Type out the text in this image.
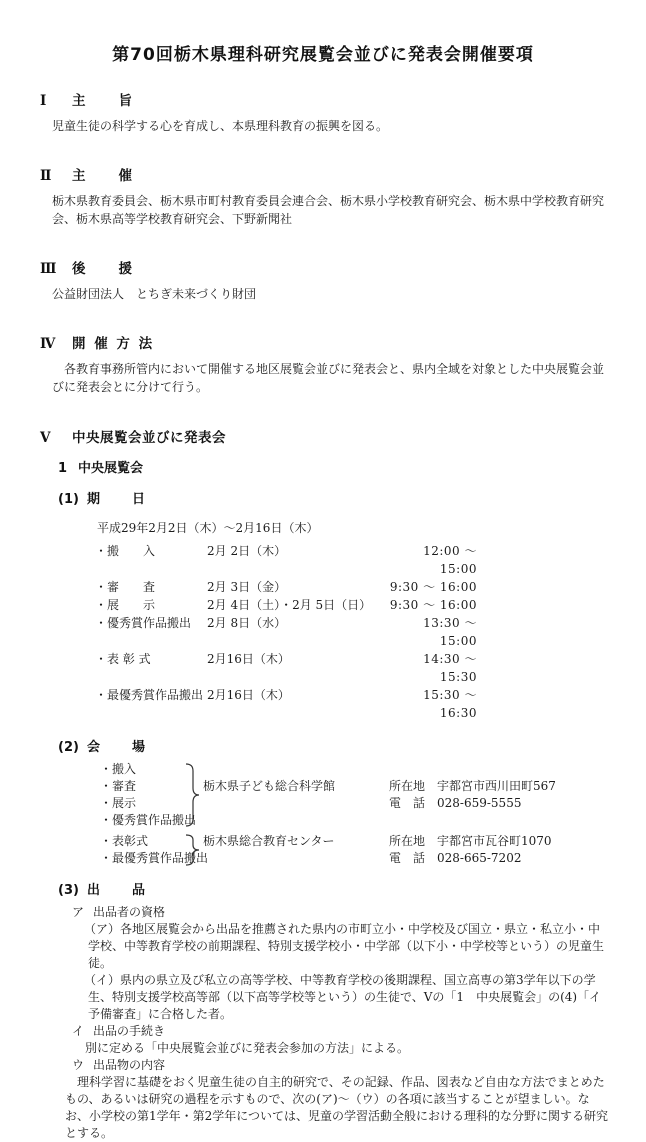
第70回栃木県理科研究展覧会並びに発表会開催要項
Ⅰ	主　　旨

児童生徒の科学する心を育成し、本県理科教育の振興を図る。

Ⅱ	主　　催

栃木県教育委員会、栃木県市町村教育委員会連合会、栃木県小学校教育研究会、栃木県中学校教育研究会、栃木県高等学校教育研究会、下野新聞社

Ⅲ	後　　援

公益財団法人　とちぎ未来づくり財団

Ⅳ	開 催 方 法

　各教育事務所管内において開催する地区展覧会並びに発表会と、県内全域を対象とした中央展覧会並びに発表会とに分けて行う。

Ⅴ	中央展覧会並びに発表会
1 中央展覧会
(1) 期　　日
平成29年2月2日（木）～2月16日（木）
・搬　　入	2月 2日（木）	12:00 ～ 15:00
・審　　査	2月 3日（金）	9:30 ～ 16:00
・展　　示	2月 4日（土）・2月 5日（日）	9:30 ～ 16:00
・優秀賞作品搬出	2月 8日（水）	13:30 ～ 15:00
・表 彰 式	2月16日（木）	14:30 ～ 15:30
・最優秀賞作品搬出 2月16日（木）	15:30 ～ 16:30
(2) 会　　場
・搬入
・審査
・展示
・優秀賞作品搬出
栃木県子ども総合科学館	所在地 宇都宮市西川田町567
電　話 028-659-5555
・表彰式
・最優秀賞作品搬出
栃木県総合教育センター	所在地 宇都宮市瓦谷町1070
電　話 028-665-7202
(3) 出　　品
ア 出品者の資格

（ア）各地区展覧会から出品を推薦された県内の市町立小・中学校及び国立・県立・私立小・中学校、中等教育学校の前期課程、特別支援学校小・中学部（以下小・中学校等という）の児童生徒。

（イ）県内の県立及び私立の高等学校、中等教育学校の後期課程、国立高専の第3学年以下の学生、特別支援学校高等部（以下高等学校等という）の生徒で、Ⅴの「1　中央展覧会」の(4)「イ 予備審査」に合格した者。

イ 出品の手続き

別に定める「中央展覧会並びに発表会参加の方法」による。

ウ 出品物の内容

　理科学習に基礎をおく児童生徒の自主的研究で、その記録、作品、図表など自由な方法でまとめたもの、あるいは研究の過程を示すもので、次の(ア)～（ウ）の各項に該当することが望ましい。なお、小学校の第1学年・第2学年については、児童の学習活動全般における理科的な分野に関する研究とする。
